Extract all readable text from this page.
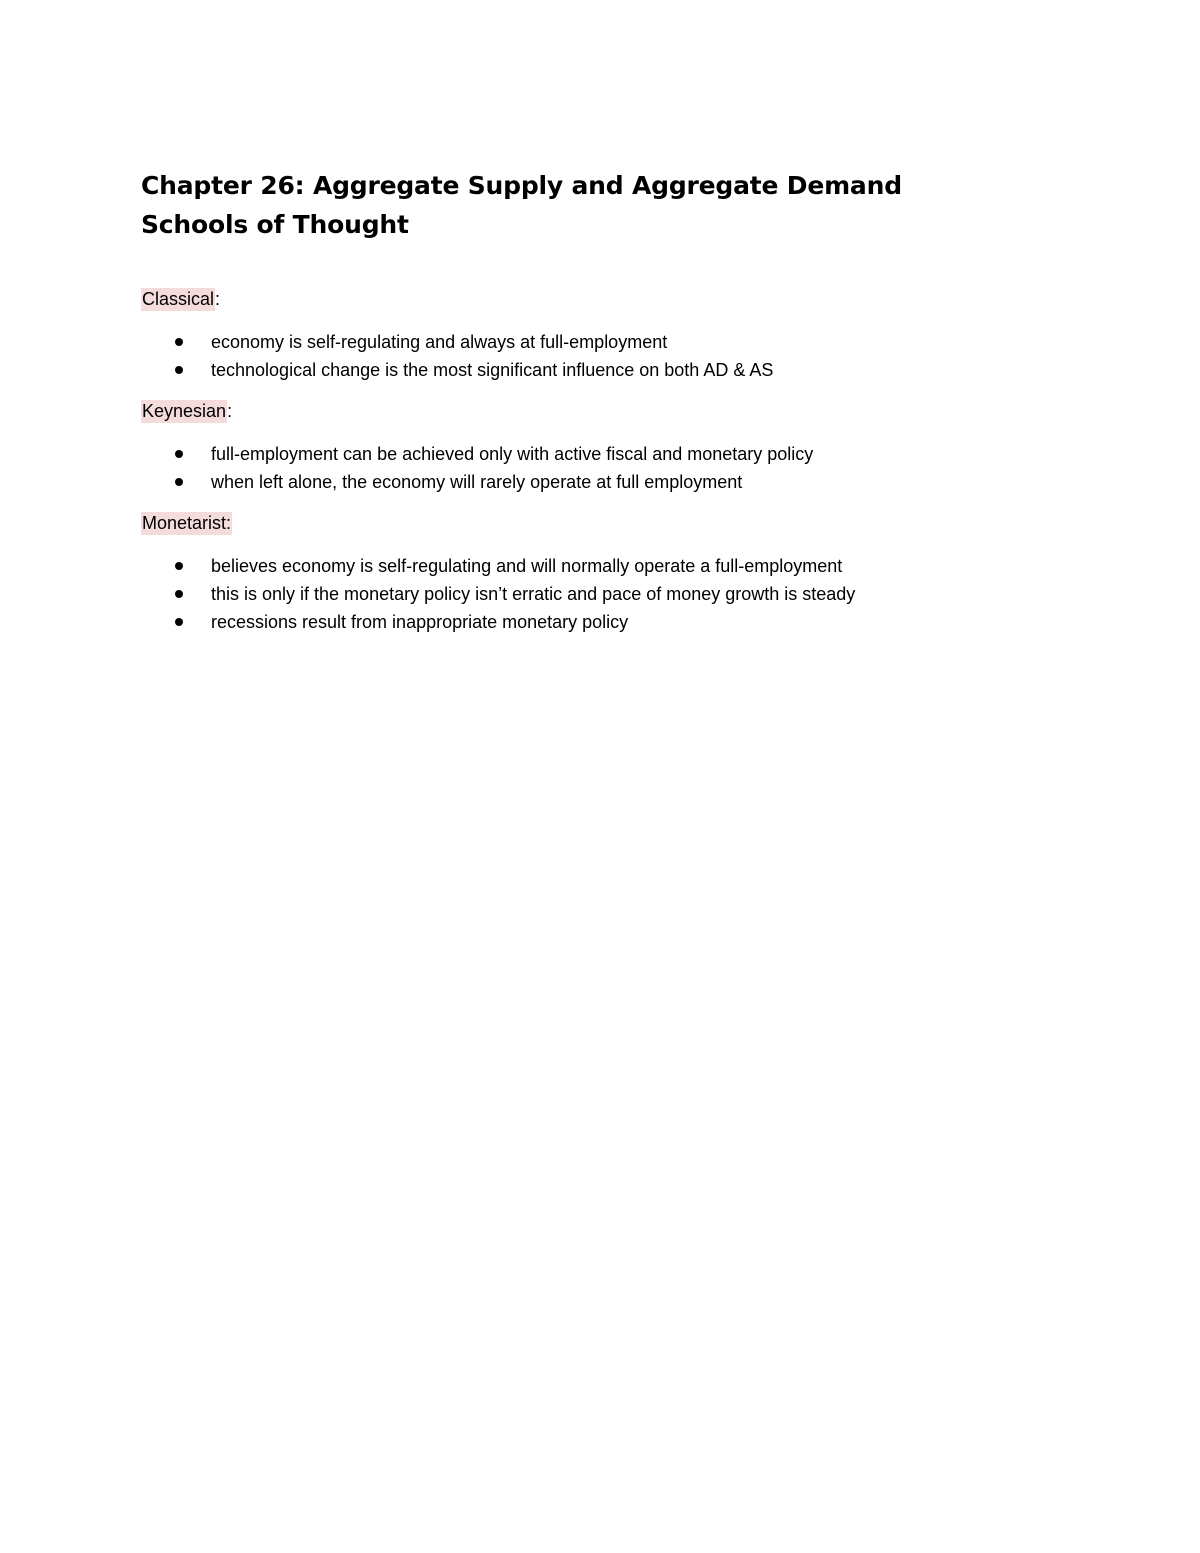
Chapter 26: Aggregate Supply and Aggregate Demand
Schools of Thought
Classical:
economy is self-regulating and always at full-employment
technological change is the most significant influence on both AD & AS
Keynesian:
full-employment can be achieved only with active fiscal and monetary policy
when left alone, the economy will rarely operate at full employment
Monetarist:
believes economy is self-regulating and will normally operate a full-employment
this is only if the monetary policy isn’t erratic and pace of money growth is steady
recessions result from inappropriate monetary policy
